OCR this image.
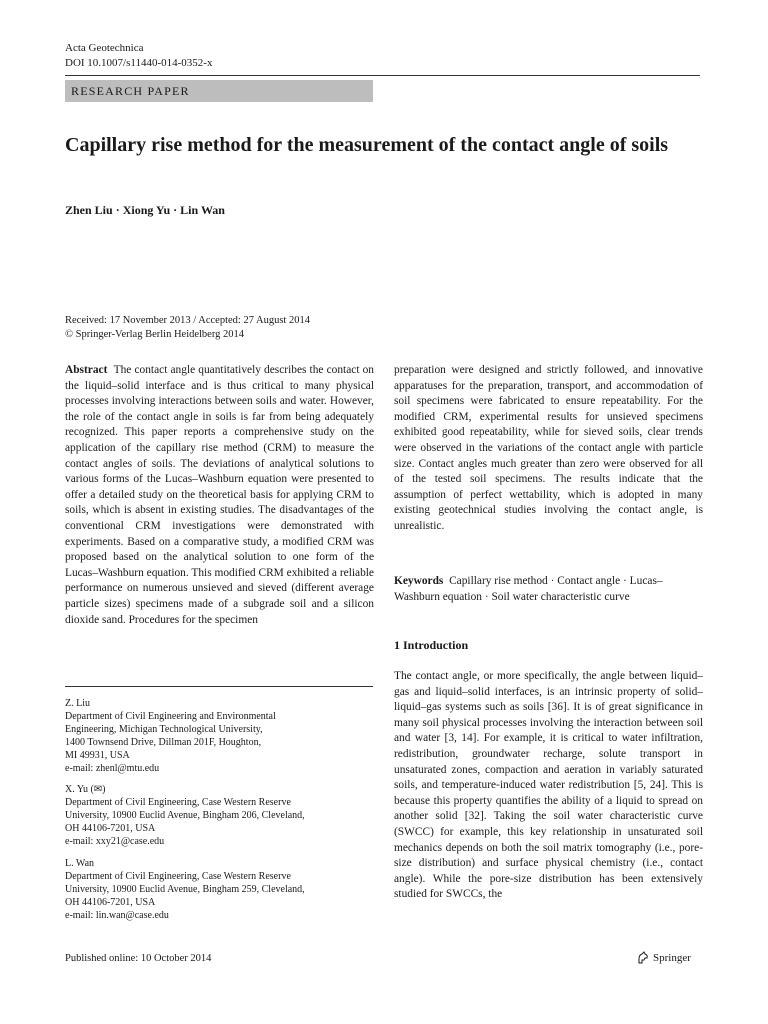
Acta Geotechnica
DOI 10.1007/s11440-014-0352-x
RESEARCH PAPER
Capillary rise method for the measurement of the contact angle of soils
Zhen Liu · Xiong Yu · Lin Wan
Received: 17 November 2013 / Accepted: 27 August 2014
© Springer-Verlag Berlin Heidelberg 2014
Abstract The contact angle quantitatively describes the contact on the liquid–solid interface and is thus critical to many physical processes involving interactions between soils and water. However, the role of the contact angle in soils is far from being adequately recognized. This paper reports a comprehensive study on the application of the capillary rise method (CRM) to measure the contact angles of soils. The deviations of analytical solutions to various forms of the Lucas–Washburn equation were presented to offer a detailed study on the theoretical basis for applying CRM to soils, which is absent in existing studies. The disadvantages of the conventional CRM investigations were demonstrated with experiments. Based on a comparative study, a modified CRM was proposed based on the analytical solution to one form of the Lucas–Washburn equation. This modified CRM exhibited a reliable performance on numerous unsieved and sieved (different average particle sizes) specimens made of a subgrade soil and a silicon dioxide sand. Procedures for the specimen
preparation were designed and strictly followed, and innovative apparatuses for the preparation, transport, and accommodation of soil specimens were fabricated to ensure repeatability. For the modified CRM, experimental results for unsieved specimens exhibited good repeatability, while for sieved soils, clear trends were observed in the variations of the contact angle with particle size. Contact angles much greater than zero were observed for all of the tested soil specimens. The results indicate that the assumption of perfect wettability, which is adopted in many existing geotechnical studies involving the contact angle, is unrealistic.
Keywords Capillary rise method · Contact angle · Lucas–Washburn equation · Soil water characteristic curve
1 Introduction
The contact angle, or more specifically, the angle between liquid–gas and liquid–solid interfaces, is an intrinsic property of solid–liquid–gas systems such as soils [36]. It is of great significance in many soil physical processes involving the interaction between soil and water [3, 14]. For example, it is critical to water infiltration, redistribution, groundwater recharge, solute transport in unsaturated zones, compaction and aeration in variably saturated soils, and temperature-induced water redistribution [5, 24]. This is because this property quantifies the ability of a liquid to spread on another solid [32]. Taking the soil water characteristic curve (SWCC) for example, this key relationship in unsaturated soil mechanics depends on both the soil matrix tomography (i.e., pore-size distribution) and surface physical chemistry (i.e., contact angle). While the pore-size distribution has been extensively studied for SWCCs, the
Z. Liu
Department of Civil Engineering and Environmental
Engineering, Michigan Technological University,
1400 Townsend Drive, Dillman 201F, Houghton,
MI 49931, USA
e-mail: zhenl@mtu.edu
X. Yu (✉)
Department of Civil Engineering, Case Western Reserve
University, 10900 Euclid Avenue, Bingham 206, Cleveland,
OH 44106-7201, USA
e-mail: xxy21@case.edu
L. Wan
Department of Civil Engineering, Case Western Reserve
University, 10900 Euclid Avenue, Bingham 259, Cleveland,
OH 44106-7201, USA
e-mail: lin.wan@case.edu
Published online: 10 October 2014	Springer
